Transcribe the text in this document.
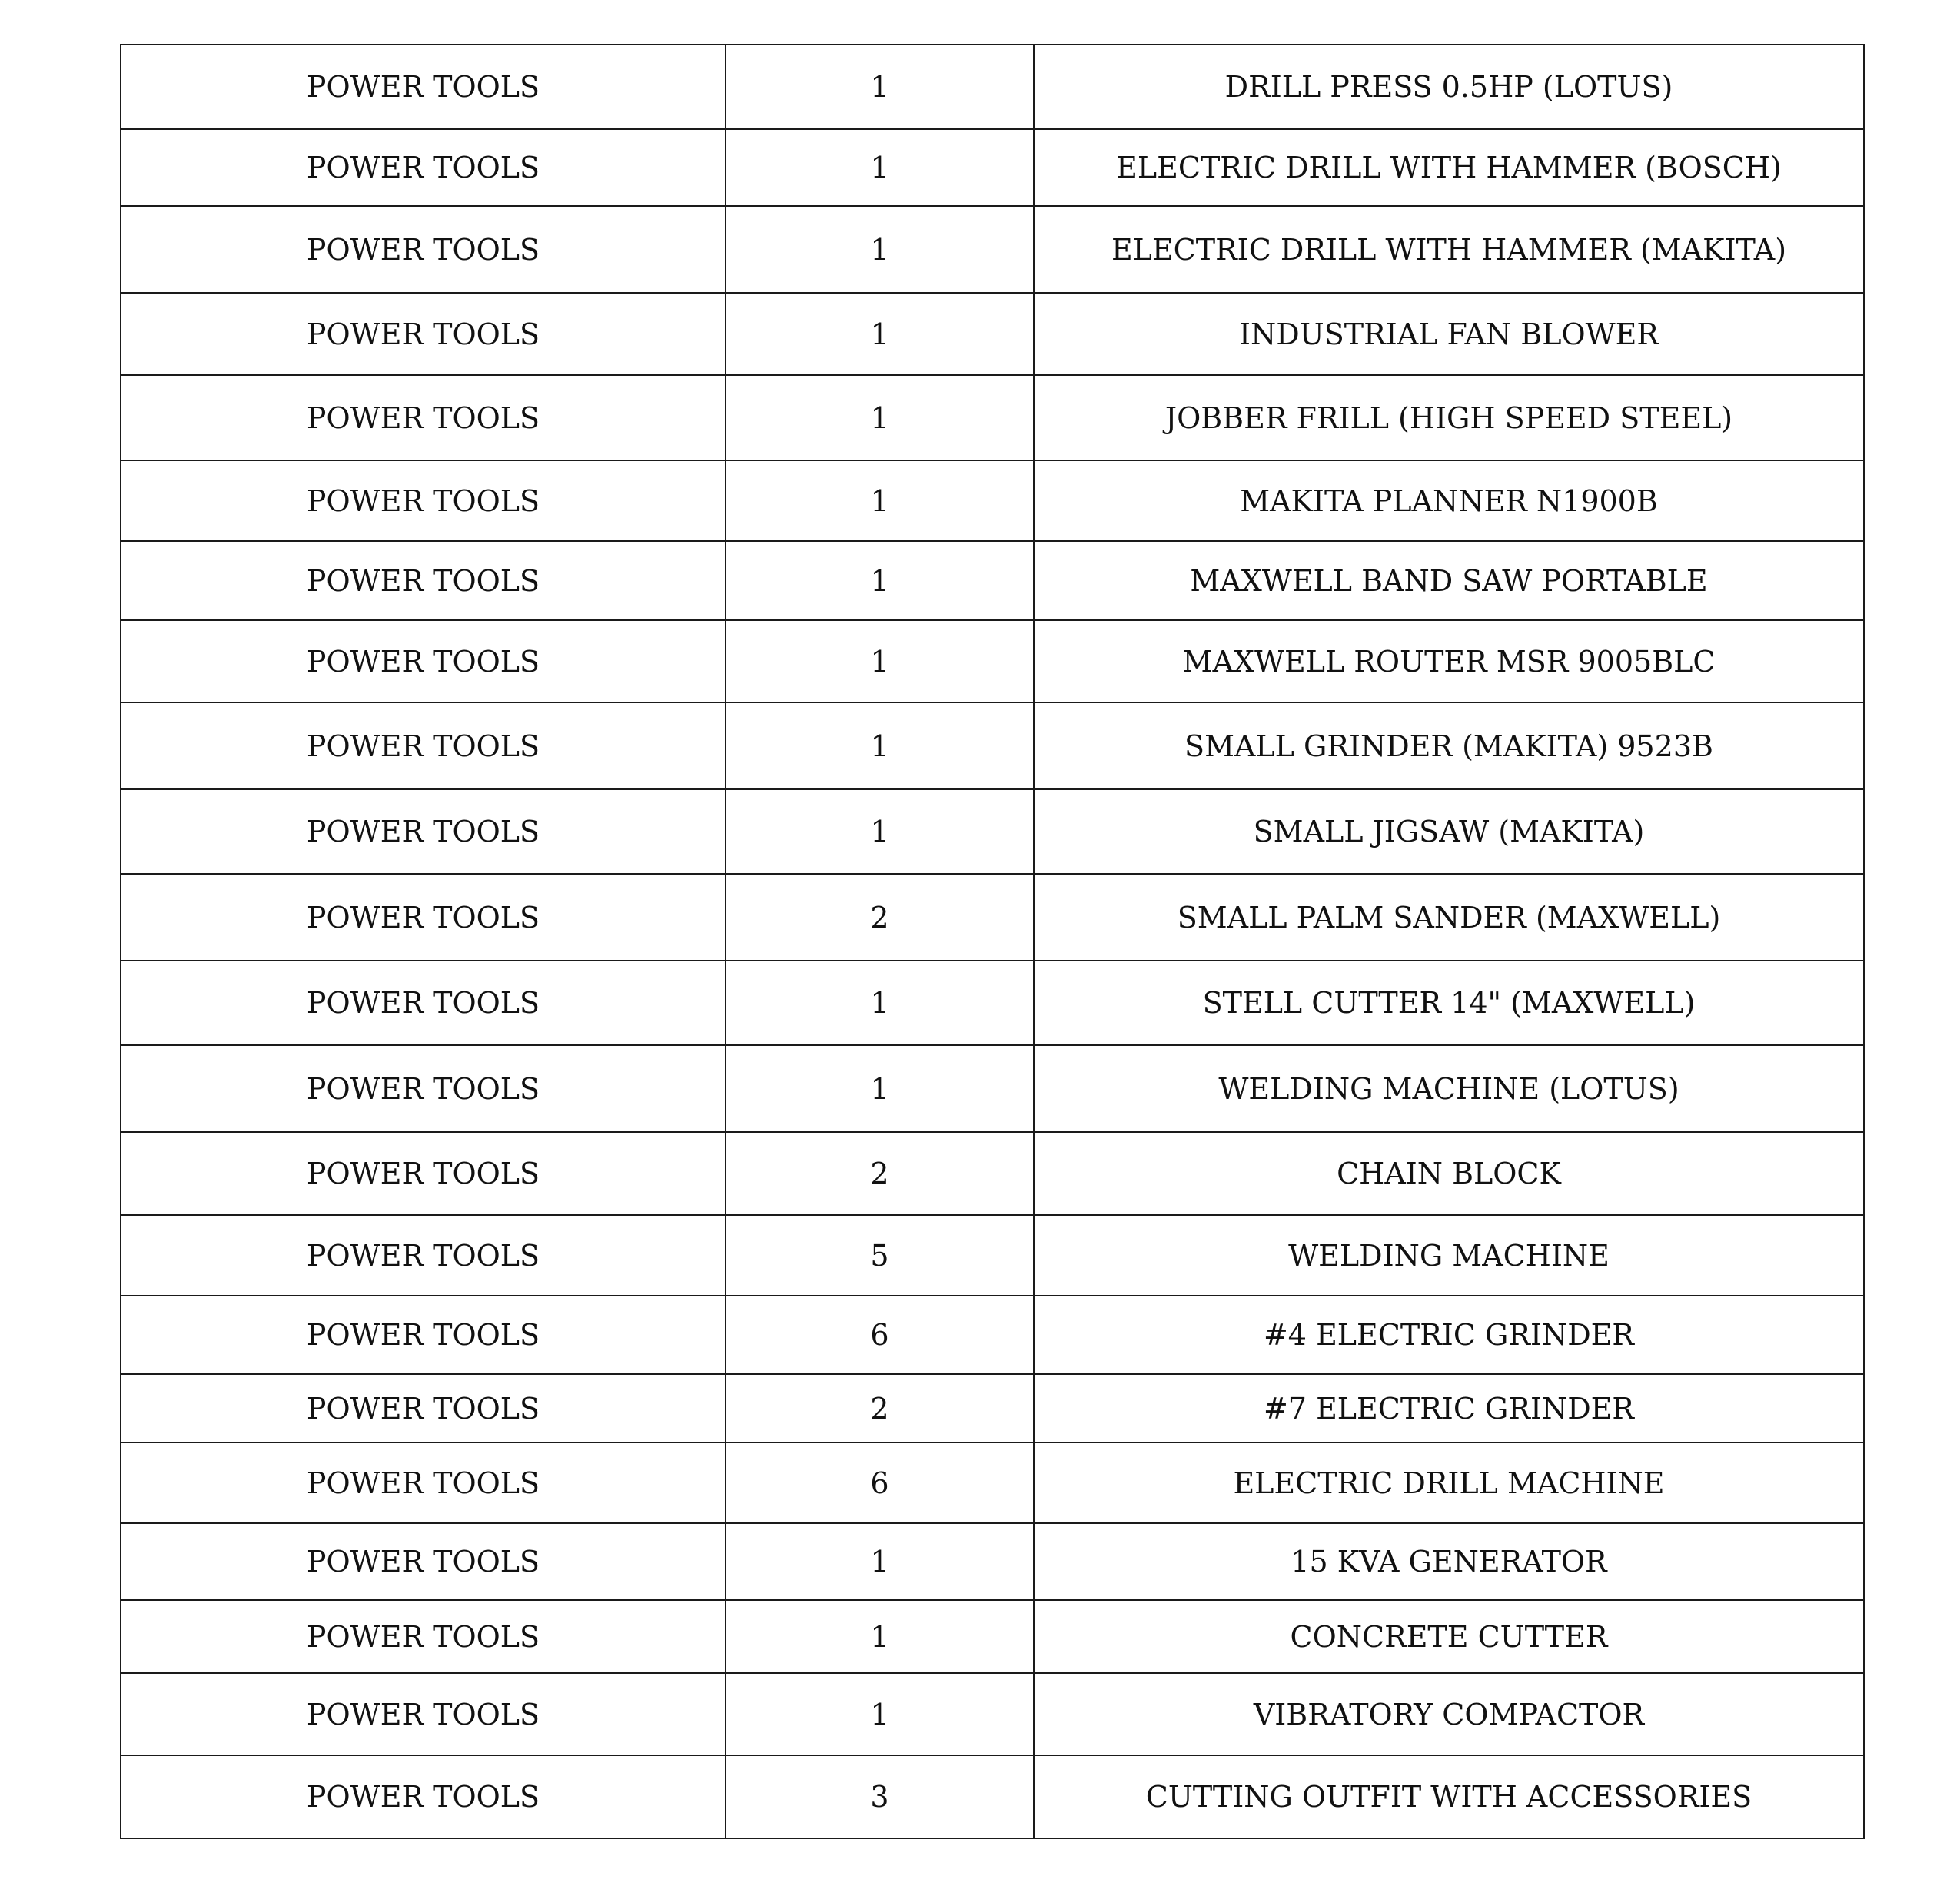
POWER TOOLS	1	DRILL PRESS 0.5HP (LOTUS)
POWER TOOLS	1	ELECTRIC DRILL WITH HAMMER (BOSCH)
POWER TOOLS	1	ELECTRIC DRILL WITH HAMMER (MAKITA)
POWER TOOLS	1	INDUSTRIAL FAN BLOWER
POWER TOOLS	1	JOBBER FRILL (HIGH SPEED STEEL)
POWER TOOLS	1	MAKITA PLANNER N1900B
POWER TOOLS	1	MAXWELL BAND SAW PORTABLE
POWER TOOLS	1	MAXWELL ROUTER MSR 9005BLC
POWER TOOLS	1	SMALL GRINDER (MAKITA) 9523B
POWER TOOLS	1	SMALL JIGSAW (MAKITA)
POWER TOOLS	2	SMALL PALM SANDER (MAXWELL)
POWER TOOLS	1	STELL CUTTER 14" (MAXWELL)
POWER TOOLS	1	WELDING MACHINE (LOTUS)
POWER TOOLS	2	CHAIN BLOCK
POWER TOOLS	5	WELDING MACHINE
POWER TOOLS	6	#4 ELECTRIC GRINDER
POWER TOOLS	2	#7 ELECTRIC GRINDER
POWER TOOLS	6	ELECTRIC DRILL MACHINE
POWER TOOLS	1	15 KVA GENERATOR
POWER TOOLS	1	CONCRETE CUTTER
POWER TOOLS	1	VIBRATORY COMPACTOR
POWER TOOLS	3	CUTTING OUTFIT WITH ACCESSORIES
